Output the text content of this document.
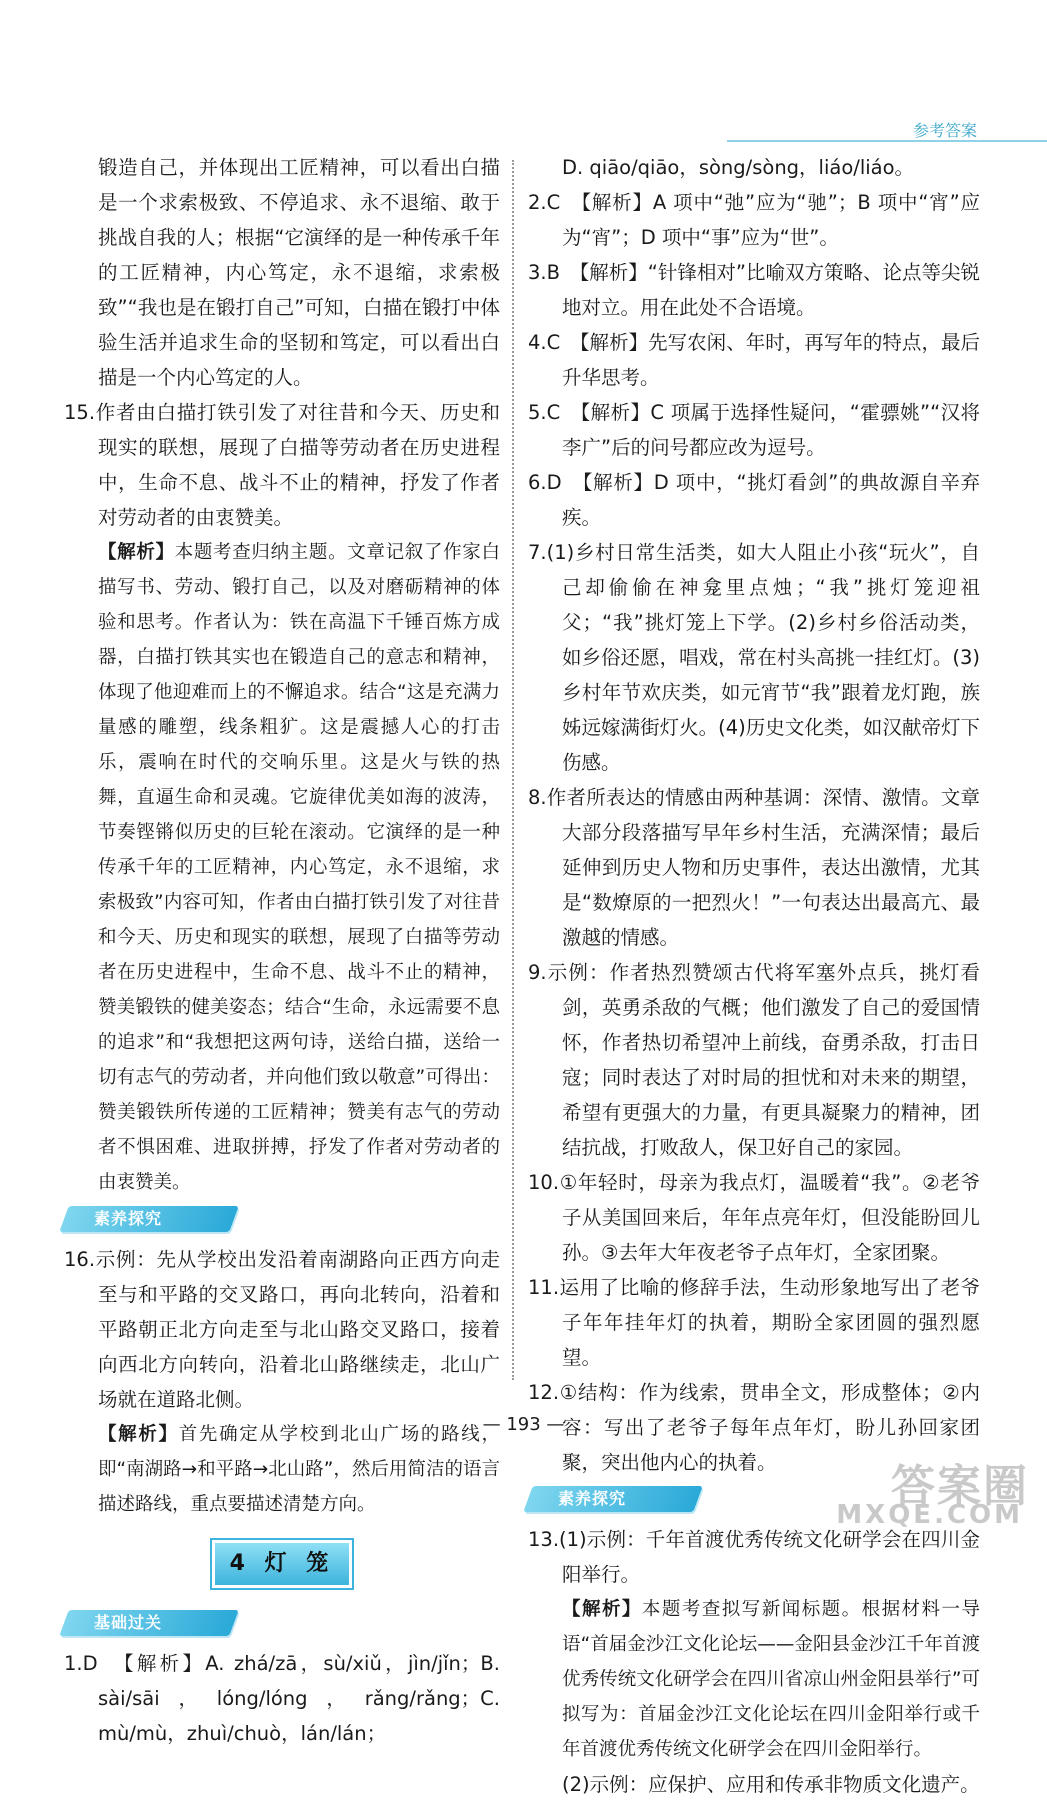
参考答案

锻造自己，并体现出工匠精神，可以看出白描是一个求索极致、不停追求、永不退缩、敢于挑战自我的人；根据“它演绎的是一种传承千年的工匠精神，内心笃定，永不退缩，求索极致”“我也是在锻打自己”可知，白描在锻打中体验生活并追求生命的坚韧和笃定，可以看出白描是一个内心笃定的人。

15.作者由白描打铁引发了对往昔和今天、历史和现实的联想，展现了白描等劳动者在历史进程中，生命不息、战斗不止的精神，抒发了作者对劳动者的由衷赞美。

【解析】本题考查归纳主题。文章记叙了作家白描写书、劳动、锻打自己，以及对磨砺精神的体验和思考。作者认为：铁在高温下千锤百炼方成器，白描打铁其实也在锻造自己的意志和精神，体现了他迎难而上的不懈追求。结合“这是充满力量感的雕塑，线条粗犷。这是震撼人心的打击乐，震响在时代的交响乐里。这是火与铁的热舞，直逼生命和灵魂。它旋律优美如海的波涛，节奏铿锵似历史的巨轮在滚动。它演绎的是一种传承千年的工匠精神，内心笃定，永不退缩，求索极致”内容可知，作者由白描打铁引发了对往昔和今天、历史和现实的联想，展现了白描等劳动者在历史进程中，生命不息、战斗不止的精神，赞美锻铁的健美姿态；结合“生命，永远需要不息的追求”和“我想把这两句诗，送给白描，送给一切有志气的劳动者，并向他们致以敬意”可得出：赞美锻铁所传递的工匠精神；赞美有志气的劳动者不惧困难、进取拼搏，抒发了作者对劳动者的由衷赞美。

素养探究

16.示例：先从学校出发沿着南湖路向正西方向走至与和平路的交叉路口，再向北转向，沿着和平路朝正北方向走至与北山路交叉路口，接着向西北方向转向，沿着北山路继续走，北山广场就在道路北侧。

【解析】首先确定从学校到北山广场的路线，即“南湖路→和平路→北山路”，然后用简洁的语言描述路线，重点要描述清楚方向。

4 灯 笼
基础过关

1.D　【解析】A. zhá/zā，sù/xiǔ，jìn/jǐn；B. sài/sāi，lóng/lóng，rǎng/rǎng；C. mù/mù，zhuì/chuò，lán/lán；

D. qiāo/qiāo，sòng/sòng，liáo/liáo。

2.C　【解析】A 项中“弛”应为“驰”；B 项中“宵”应为“宵”；D 项中“事”应为“世”。

3.B　【解析】“针锋相对”比喻双方策略、论点等尖锐地对立。用在此处不合语境。

4.C　【解析】先写农闲、年时，再写年的特点，最后升华思考。

5.C　【解析】C 项属于选择性疑问，“霍骠姚”“汉将李广”后的问号都应改为逗号。

6.D　【解析】D 项中，“挑灯看剑”的典故源自辛弃疾。

7.(1)乡村日常生活类，如大人阻止小孩“玩火”，自己却偷偷在神龛里点烛；“我”挑灯笼迎祖父；“我”挑灯笼上下学。(2)乡村乡俗活动类，如乡俗还愿，唱戏，常在村头高挑一挂红灯。(3)乡村年节欢庆类，如元宵节“我”跟着龙灯跑，族姊远嫁满街灯火。(4)历史文化类，如汉献帝灯下伤感。

8.作者所表达的情感由两种基调：深情、激情。文章大部分段落描写早年乡村生活，充满深情；最后延伸到历史人物和历史事件，表达出激情，尤其是“数燎原的一把烈火！”一句表达出最高亢、最激越的情感。

9.示例：作者热烈赞颂古代将军塞外点兵，挑灯看剑，英勇杀敌的气概；他们激发了自己的爱国情怀，作者热切希望冲上前线，奋勇杀敌，打击日寇；同时表达了对时局的担忧和对未来的期望，希望有更强大的力量，有更具凝聚力的精神，团结抗战，打败敌人，保卫好自己的家园。

10.①年轻时，母亲为我点灯，温暖着“我”。②老爷子从美国回来后，年年点亮年灯，但没能盼回儿孙。③去年大年夜老爷子点年灯，全家团聚。

11.运用了比喻的修辞手法，生动形象地写出了老爷子年年挂年灯的执着，期盼全家团圆的强烈愿望。

12.①结构：作为线索，贯串全文，形成整体；②内容：写出了老爷子每年点年灯，盼儿孙回家团聚，突出他内心的执着。

素养探究

13.(1)示例：千年首渡优秀传统文化研学会在四川金阳举行。

【解析】本题考查拟写新闻标题。根据材料一导语“首届金沙江文化论坛——金阳县金沙江千年首渡优秀传统文化研学会在四川省凉山州金阳县举行”可拟写为：首届金沙江文化论坛在四川金阳举行或千年首渡优秀传统文化研学会在四川金阳举行。

(2)示例：应保护、应用和传承非物质文化遗产。

— 193 —
答案圈
MXQE.COM
